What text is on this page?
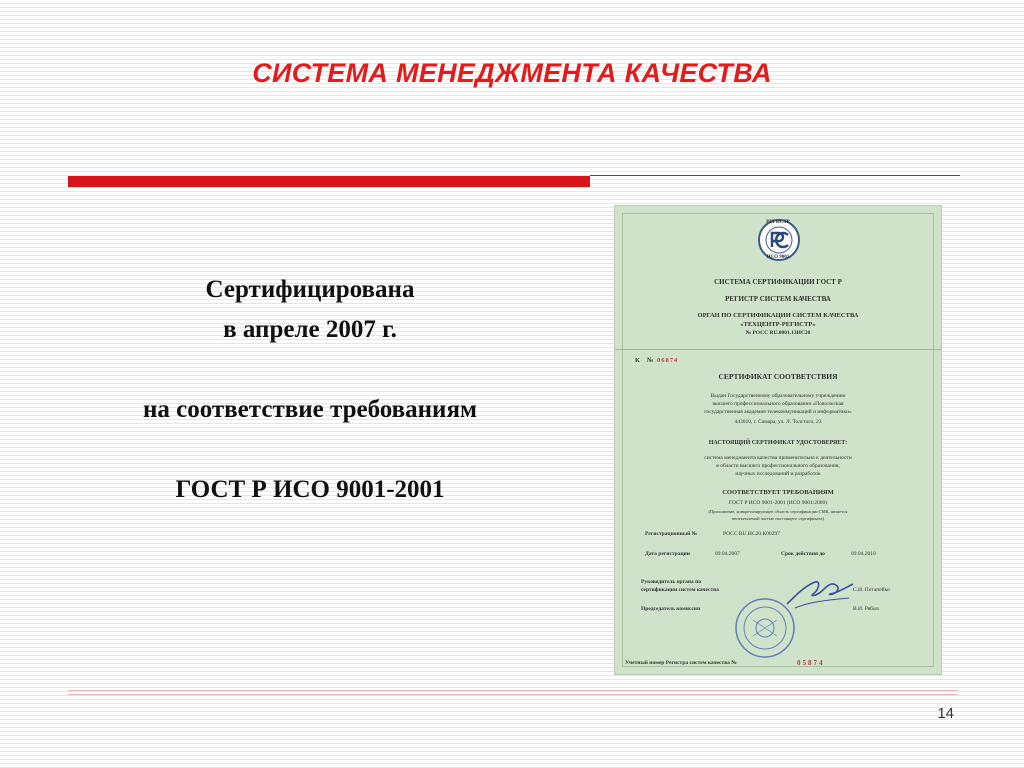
СИСТЕМА МЕНЕДЖМЕНТА КАЧЕСТВА
Сертифицирована
в апреле 2007 г.
на соответствие требованиям
ГОСТ Р ИСО 9001-2001
РЕГИСТР
ИСО 9001
СИСТЕМА СЕРТИФИКАЦИИ ГОСТ Р
РЕГИСТР СИСТЕМ КАЧЕСТВА
ОРГАН ПО СЕРТИФИКАЦИИ СИСТЕМ КАЧЕСТВА
«ТЕХЦЕНТР-РЕГИСТР»
№ РОСС RU.0001.13ИС20
К № 06874
СЕРТИФИКАТ СООТВЕТСТВИЯ
Выдан Государственному образовательному учреждению
высшего профессионального образования «Поволжская
государственная академия телекоммуникаций и информатики»
443010, г. Самара, ул. Л. Толстого, 23
НАСТОЯЩИЙ СЕРТИФИКАТ УДОСТОВЕРЯЕТ:
система менеджмента качества применительно к деятельности
в области высшего профессионального образования,
научных исследований и разработок
СООТВЕТСТВУЕТ ТРЕБОВАНИЯМ
ГОСТ Р ИСО 9001-2001 (ИСО 9001:2000)
(Приложение, конкретизирующее область сертификации СМК, является
неотъемлемой частью настоящего сертификата)
Регистрационный №	РОСС RU.ИС20.К00297
Дата регистрации	09.04.2007	Срок действия до	09.04.2010
Руководитель органа по
сертификации систем качества	С.И. Потапейко
Председатель комиссии	В.И. Рябых
Учетный номер Регистра систем качества №	05874
14
